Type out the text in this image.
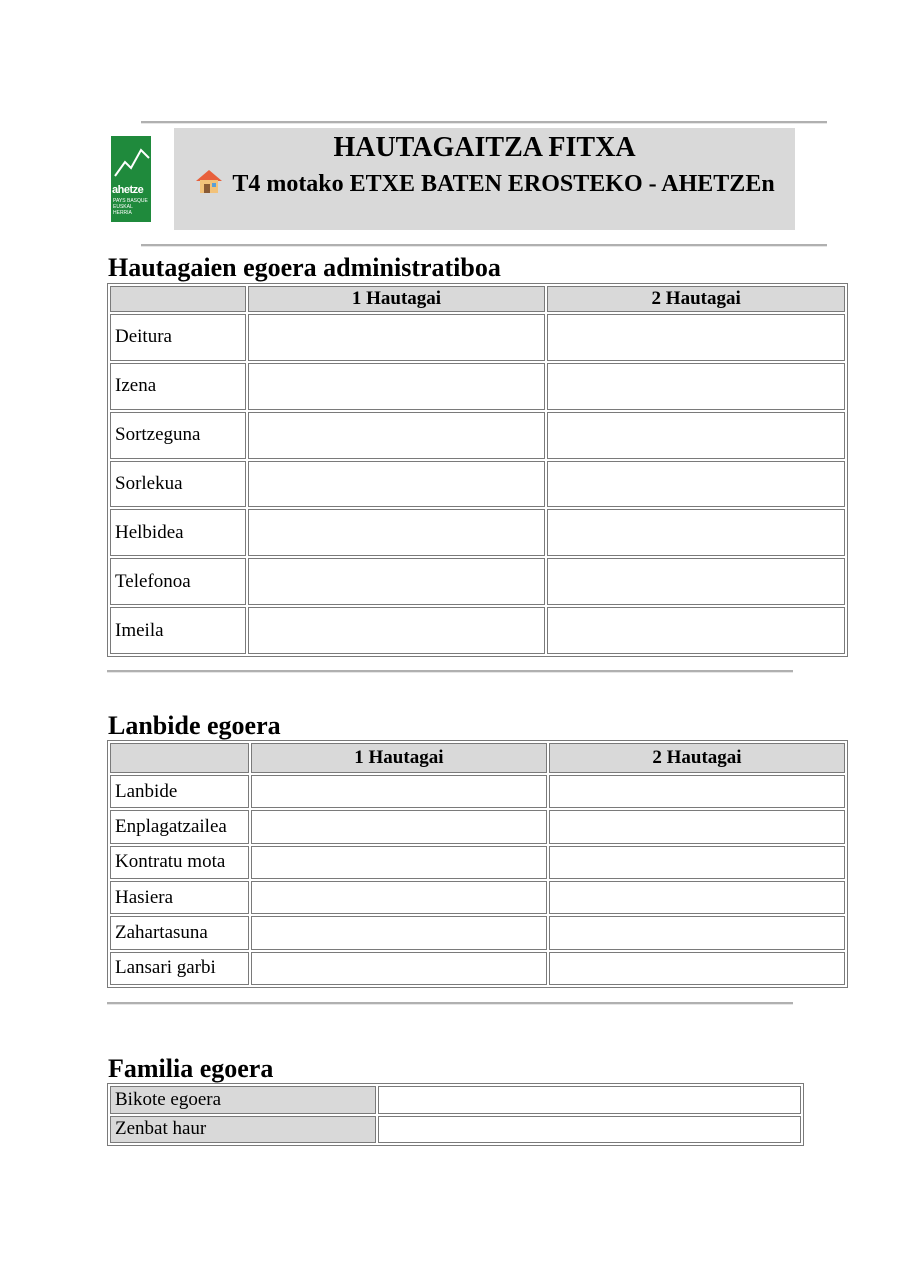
ahetze
PAYS BASQUE EUSKAL HERRIA
HAUTAGAITZA FITXA
T4 motako ETXE BATEN EROSTEKO - AHETZEn
Hautagaien egoera administratiboa
	1 Hautagai	2 Hautagai
Deitura		
Izena		
Sortzeguna		
Sorlekua		
Helbidea		
Telefonoa		
Imeila		
Lanbide egoera
	1 Hautagai	2 Hautagai
Lanbide		
Enplagatzailea		
Kontratu mota		
Hasiera		
Zahartasuna		
Lansari garbi		
Familia egoera
Bikote egoera	
Zenbat haur	
